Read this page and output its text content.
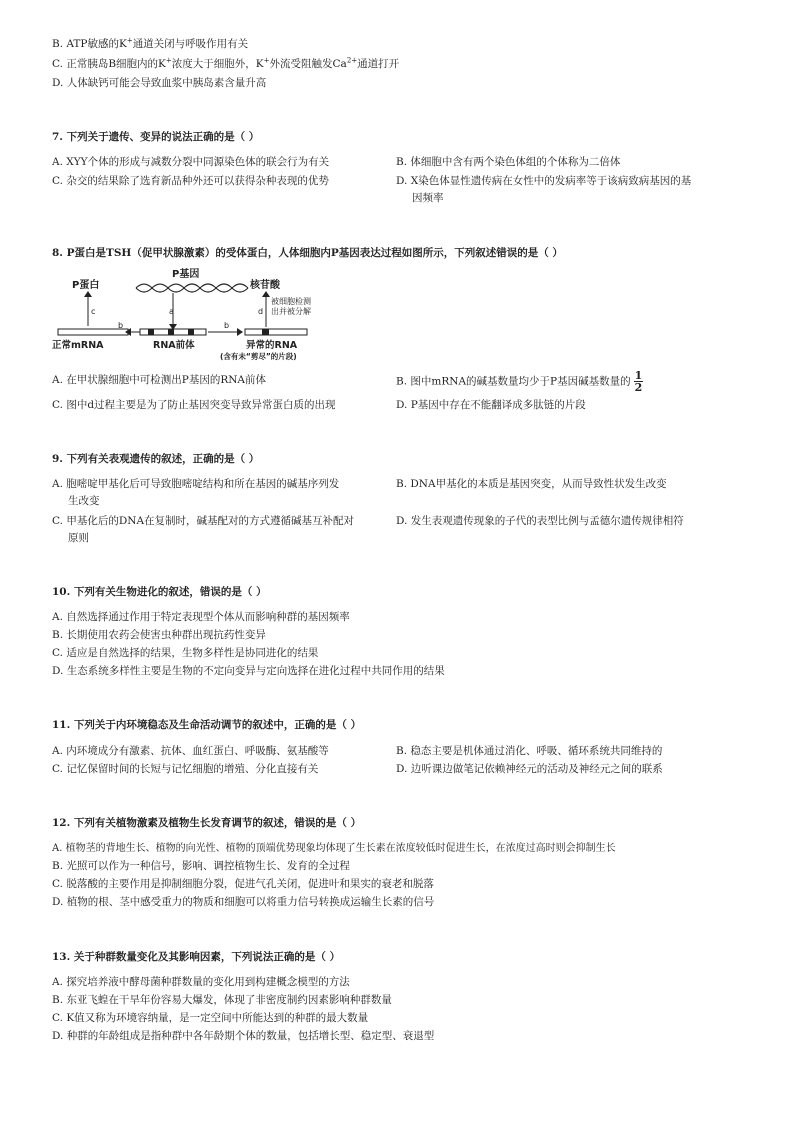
B. ATP敏感的K+通道关闭与呼吸作用有关
C. 正常胰岛B细胞内的K+浓度大于细胞外，K+外流受阻触发$Ca^{2+}$通道打开
D. 人体缺钙可能会导致血浆中胰岛素含量升高
7. 下列关于遗传、变异的说法正确的是（ ）
A. XYY个体的形成与减数分裂中同源染色体的联会行为有关	B. 体细胞中含有两个染色体组的个体称为二倍体
C. 杂交的结果除了选育新品种外还可以获得杂种表现的优势	D. X染色体显性遗传病在女性中的发病率等于该病致病基因的基
因频率
8. P蛋白是TSH（促甲状腺激素）的受体蛋白，人体细胞内P基因表达过程如图所示，下列叙述错误的是（ ）
P基因
a
P蛋白
c
b	b
d
核苷酸
被细胞检测
出并被分解
正常mRNA	RNA前体	异常的RNA
(含有未“剪尽”的片段)
A. 在甲状腺细胞中可检测出P基因的RNA前体	B. 图中mRNA的碱基数量均少于P基因碱基数量的 $\frac{1}{2}$
C. 图中d过程主要是为了防止基因突变导致异常蛋白质的出现	D. P基因中存在不能翻译成多肽链的片段
9. 下列有关表观遗传的叙述，正确的是（ ）
A. 胞嘧啶甲基化后可导致胞嘧啶结构和所在基因的碱基序列发
生改变
B. DNA甲基化的本质是基因突变，从而导致性状发生改变
C. 甲基化后的DNA在复制时，碱基配对的方式遵循碱基互补配对
原则
D. 发生表观遗传现象的子代的表型比例与孟德尔遗传规律相符
10. 下列有关生物进化的叙述，错误的是（ ）
A. 自然选择通过作用于特定表现型个体从而影响种群的基因频率
B. 长期使用农药会使害虫种群出现抗药性变异
C. 适应是自然选择的结果，生物多样性是协同进化的结果
D. 生态系统多样性主要是生物的不定向变异与定向选择在进化过程中共同作用的结果
11. 下列关于内环境稳态及生命活动调节的叙述中，正确的是（ ）
A. 内环境成分有激素、抗体、血红蛋白、呼吸酶、氨基酸等	B. 稳态主要是机体通过消化、呼吸、循环系统共同维持的
C. 记忆保留时间的长短与记忆细胞的增殖、分化直接有关	D. 边听课边做笔记依赖神经元的活动及神经元之间的联系
12. 下列有关植物激素及植物生长发育调节的叙述，错误的是（ ）
A. 植物茎的背地生长、植物的向光性、植物的顶端优势现象均体现了生长素在浓度较低时促进生长，在浓度过高时则会抑制生长
B. 光照可以作为一种信号，影响、调控植物生长、发育的全过程
C. 脱落酸的主要作用是抑制细胞分裂，促进气孔关闭，促进叶和果实的衰老和脱落
D. 植物的根、茎中感受重力的物质和细胞可以将重力信号转换成运输生长素的信号
13. 关于种群数量变化及其影响因素，下列说法正确的是（ ）
A. 探究培养液中酵母菌种群数量的变化用到构建概念模型的方法
B. 东亚飞蝗在干旱年份容易大爆发，体现了非密度制约因素影响种群数量
C. K值又称为环境容纳量，是一定空间中所能达到的种群的最大数量
D. 种群的年龄组成是指种群中各年龄期个体的数量，包括增长型、稳定型、衰退型
